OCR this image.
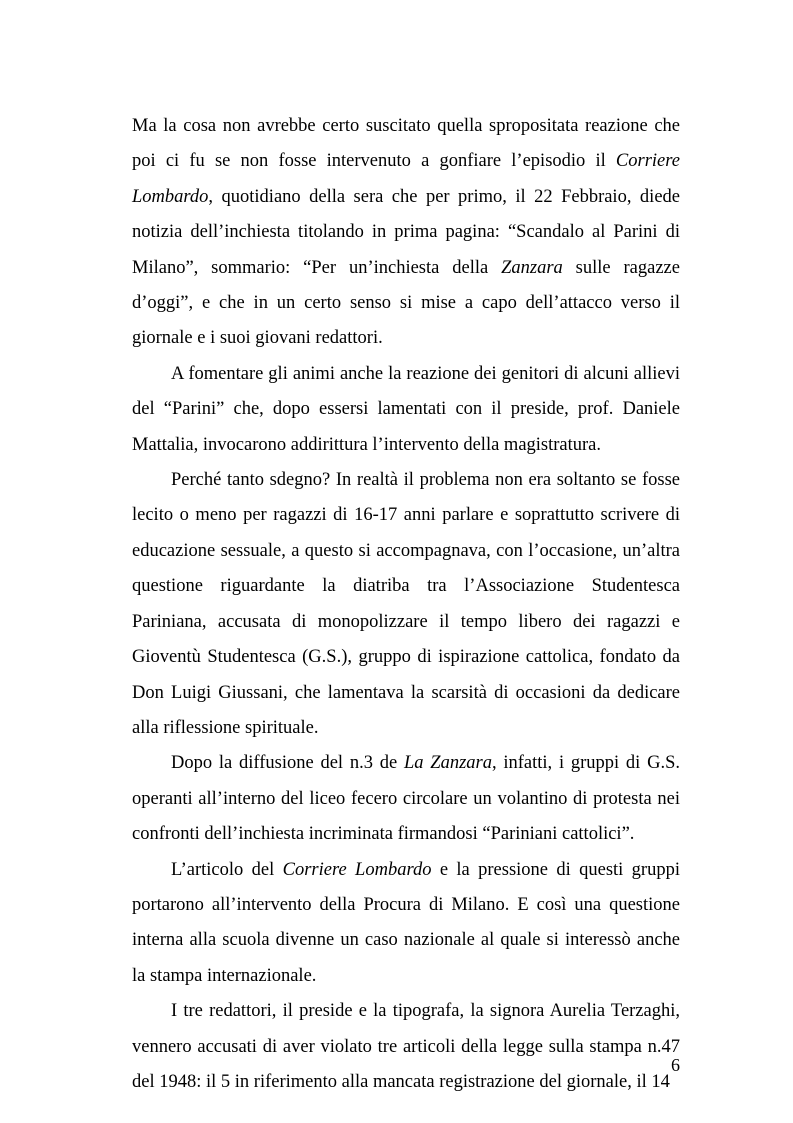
Ma la cosa non avrebbe certo suscitato quella spropositata reazione che poi ci fu se non fosse intervenuto a gonfiare l’episodio il Corriere Lombardo, quotidiano della sera che per primo, il 22 Febbraio, diede notizia dell’inchiesta titolando in prima pagina: “Scandalo al Parini di Milano”, sommario: “Per un’inchiesta della Zanzara sulle ragazze d’oggi”, e che in un certo senso si mise a capo dell’attacco verso il giornale e i suoi giovani redattori.

A fomentare gli animi anche la reazione dei genitori di alcuni allievi del “Parini” che, dopo essersi lamentati con il preside, prof. Daniele Mattalia, invocarono addirittura l’intervento della magistratura.

Perché tanto sdegno? In realtà il problema non era soltanto se fosse lecito o meno per ragazzi di 16-17 anni parlare e soprattutto scrivere di educazione sessuale, a questo si accompagnava, con l’occasione, un’altra questione riguardante la diatriba tra l’Associazione Studentesca Pariniana, accusata di monopolizzare il tempo libero dei ragazzi e Gioventù Studentesca (G.S.), gruppo di ispirazione cattolica, fondato da Don Luigi Giussani, che lamentava la scarsità di occasioni da dedicare alla riflessione spirituale.

Dopo la diffusione del n.3 de La Zanzara, infatti, i gruppi di G.S. operanti all’interno del liceo fecero circolare un volantino di protesta nei confronti dell’inchiesta incriminata firmandosi “Pariniani cattolici”.

L’articolo del Corriere Lombardo e la pressione di questi gruppi portarono all’intervento della Procura di Milano. E così una questione interna alla scuola divenne un caso nazionale al quale si interessò anche la stampa internazionale.

I tre redattori, il preside e la tipografa, la signora Aurelia Terzaghi, vennero accusati di aver violato tre articoli della legge sulla stampa n.47 del 1948: il 5 in riferimento alla mancata registrazione del giornale, il 14

6
